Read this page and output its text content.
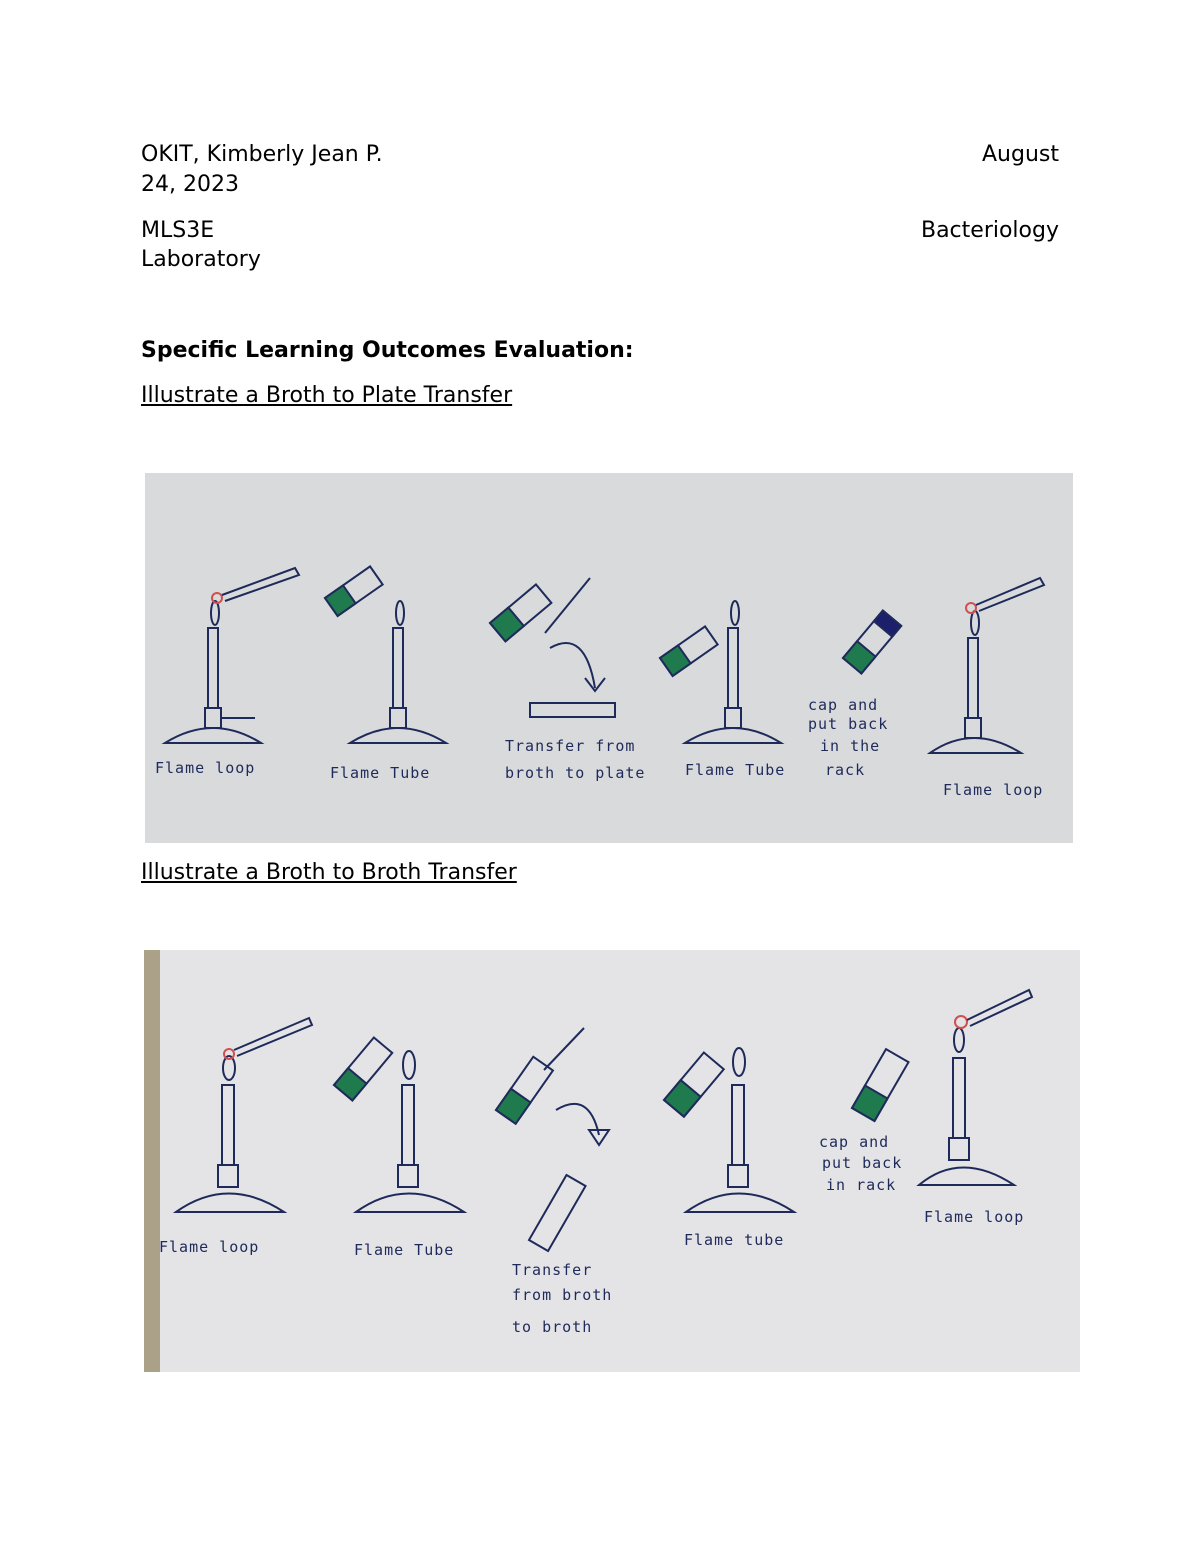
OKIT, Kimberly Jean P.	August
24, 2023
MLS3E	Bacteriology
Laboratory
Specific Learning Outcomes Evaluation:
Illustrate a Broth to Plate Transfer
Flame loop	Flame Tube
Transfer from
broth to plate	Flame Tube
cap and
put back
in the
rack
Flame loop
Illustrate a Broth to Broth Transfer
Flame loop	Flame Tube
Transfer
from broth
to broth
Flame tube
cap and
put back
in rack
Flame loop
